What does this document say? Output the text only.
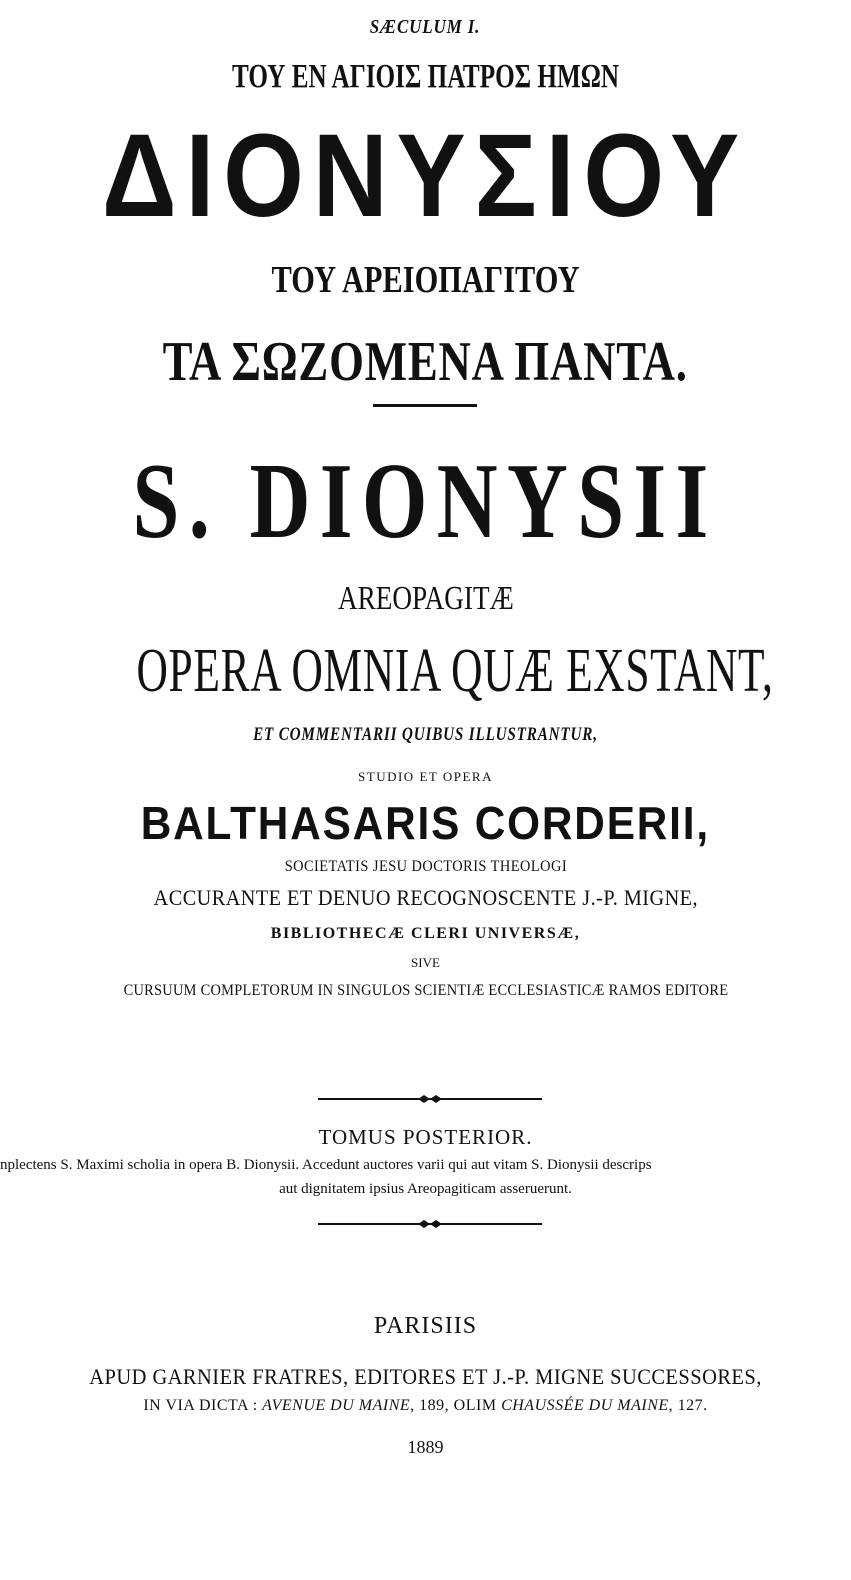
SÆCULUM I.
ΤΟΥ ΕΝ ΑΓΙΟΙΣ ΠΑΤΡΟΣ ΗΜΩΝ
ΔΙΟΝΥΣΙΟΥ
ΤΟΥ ΑΡΕΙΟΠΑΓΙΤΟΥ
ΤΑ ΣΩΖΟΜΕΝΑ ΠΑΝΤΑ.
S. DIONYSII
AREOPAGITÆ
OPERA OMNIA QUÆ EXSTANT,
ET COMMENTARII QUIBUS ILLUSTRANTUR,
STUDIO ET OPERA
BALTHASARIS CORDERII,
SOCIETATIS JESU DOCTORIS THEOLOGI
ACCURANTE ET DENUO RECOGNOSCENTE J.-P. MIGNE,
BIBLIOTHECÆ CLERI UNIVERSÆ,
SIVE
CURSUUM COMPLETORUM IN SINGULOS SCIENTIÆ ECCLESIASTICÆ RAMOS EDITORE
TOMUS POSTERIOR.
nplectens S. Maximi scholia in opera B. Dionysii. Accedunt auctores varii qui aut vitam S. Dionysii descrips
aut dignitatem ipsius Areopagiticam asseruerunt.
PARISIIS
APUD GARNIER FRATRES, EDITORES ET J.-P. MIGNE SUCCESSORES,
IN VIA DICTA : AVENUE DU MAINE, 189, OLIM CHAUSSÉE DU MAINE, 127.
1889
